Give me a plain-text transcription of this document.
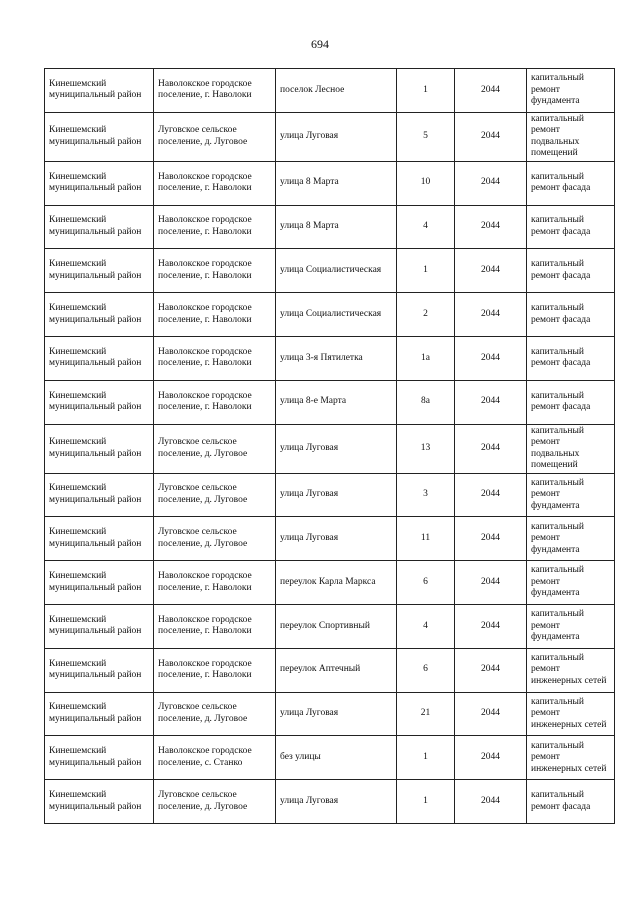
694
Кинешемский муниципальный район	Наволокское городское поселение, г. Наволоки	поселок Лесное	1	2044	капитальный ремонт фундамента
Кинешемский муниципальный район	Луговское сельское поселение, д. Луговое	улица Луговая	5	2044	капитальный ремонт подвальных помещений
Кинешемский муниципальный район	Наволокское городское поселение, г. Наволоки	улица 8 Марта	10	2044	капитальный ремонт фасада
Кинешемский муниципальный район	Наволокское городское поселение, г. Наволоки	улица 8 Марта	4	2044	капитальный ремонт фасада
Кинешемский муниципальный район	Наволокское городское поселение, г. Наволоки	улица Социалистическая	1	2044	капитальный ремонт фасада
Кинешемский муниципальный район	Наволокское городское поселение, г. Наволоки	улица Социалистическая	2	2044	капитальный ремонт фасада
Кинешемский муниципальный район	Наволокское городское поселение, г. Наволоки	улица 3-я Пятилетка	1а	2044	капитальный ремонт фасада
Кинешемский муниципальный район	Наволокское городское поселение, г. Наволоки	улица 8-е Марта	8а	2044	капитальный ремонт фасада
Кинешемский муниципальный район	Луговское сельское поселение, д. Луговое	улица Луговая	13	2044	капитальный ремонт подвальных помещений
Кинешемский муниципальный район	Луговское сельское поселение, д. Луговое	улица Луговая	3	2044	капитальный ремонт фундамента
Кинешемский муниципальный район	Луговское сельское поселение, д. Луговое	улица Луговая	11	2044	капитальный ремонт фундамента
Кинешемский муниципальный район	Наволокское городское поселение, г. Наволоки	переулок Карла Маркса	6	2044	капитальный ремонт фундамента
Кинешемский муниципальный район	Наволокское городское поселение, г. Наволоки	переулок Спортивный	4	2044	капитальный ремонт фундамента
Кинешемский муниципальный район	Наволокское городское поселение, г. Наволоки	переулок Аптечный	6	2044	капитальный ремонт инженерных сетей
Кинешемский муниципальный район	Луговское сельское поселение, д. Луговое	улица Луговая	21	2044	капитальный ремонт инженерных сетей
Кинешемский муниципальный район	Наволокское городское поселение, с. Станко	без улицы	1	2044	капитальный ремонт инженерных сетей
Кинешемский муниципальный район	Луговское сельское поселение, д. Луговое	улица Луговая	1	2044	капитальный ремонт фасада
